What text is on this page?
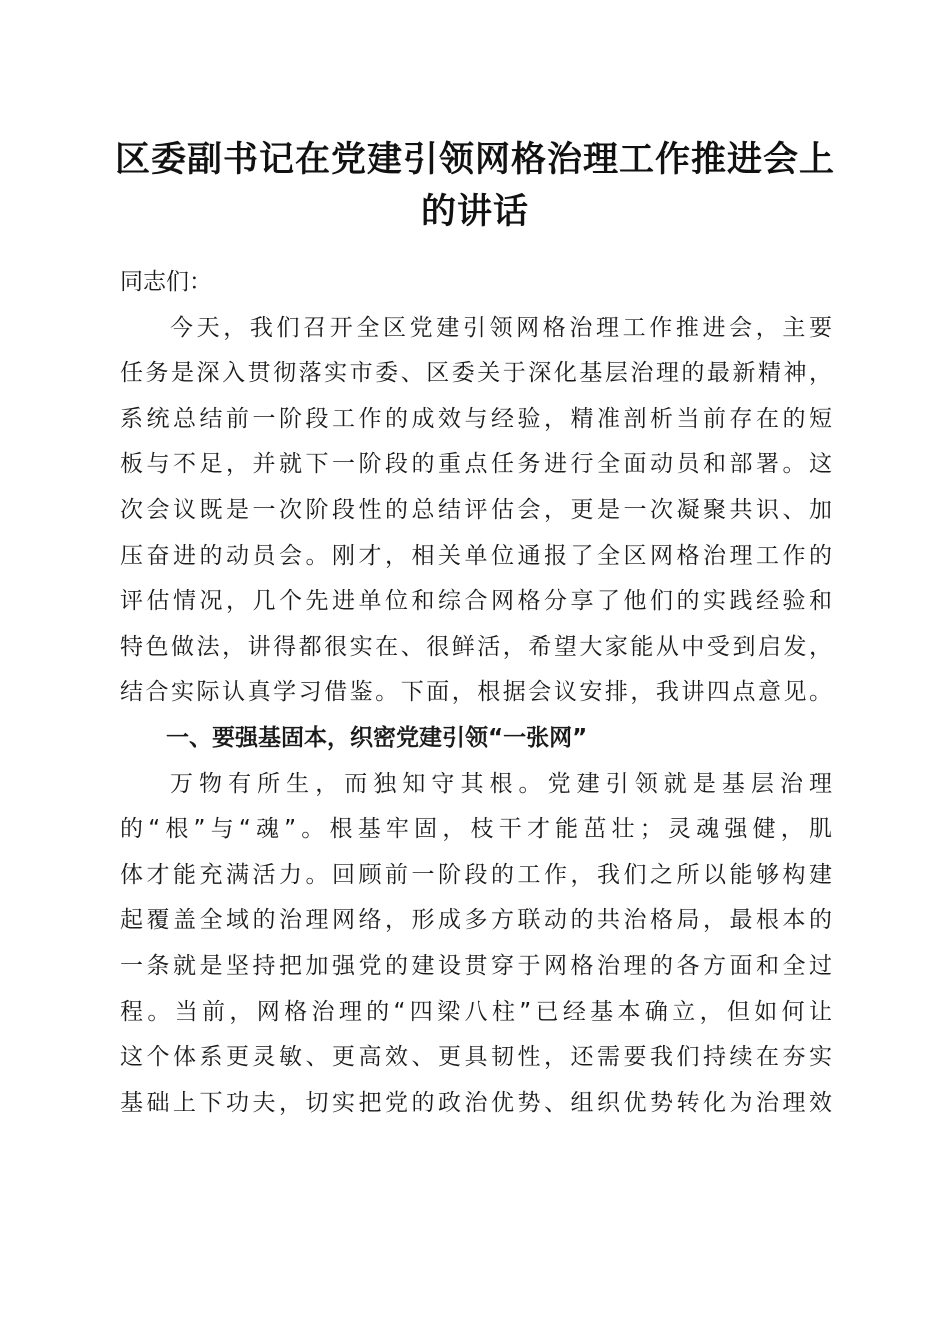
区委副书记在党建引领网格治理工作推进会上
的讲话
同志们：
今天，我们召开全区党建引领网格治理工作推进会，主要
任务是深入贯彻落实市委、区委关于深化基层治理的最新精神，
系统总结前一阶段工作的成效与经验，精准剖析当前存在的短
板与不足，并就下一阶段的重点任务进行全面动员和部署。这
次会议既是一次阶段性的总结评估会，更是一次凝聚共识、加
压奋进的动员会。刚才，相关单位通报了全区网格治理工作的
评估情况，几个先进单位和综合网格分享了他们的实践经验和
特色做法，讲得都很实在、很鲜活，希望大家能从中受到启发，
结合实际认真学习借鉴。下面，根据会议安排，我讲四点意见。
一、要强基固本，织密党建引领“一张网”
万物有所生，而独知守其根。党建引领就是基层治理
的“根”与“魂”。根基牢固，枝干才能茁壮；灵魂强健，肌
体才能充满活力。回顾前一阶段的工作，我们之所以能够构建
起覆盖全域的治理网络，形成多方联动的共治格局，最根本的
一条就是坚持把加强党的建设贯穿于网格治理的各方面和全过
程。当前，网格治理的“四梁八柱”已经基本确立，但如何让
这个体系更灵敏、更高效、更具韧性，还需要我们持续在夯实
基础上下功夫，切实把党的政治优势、组织优势转化为治理效
